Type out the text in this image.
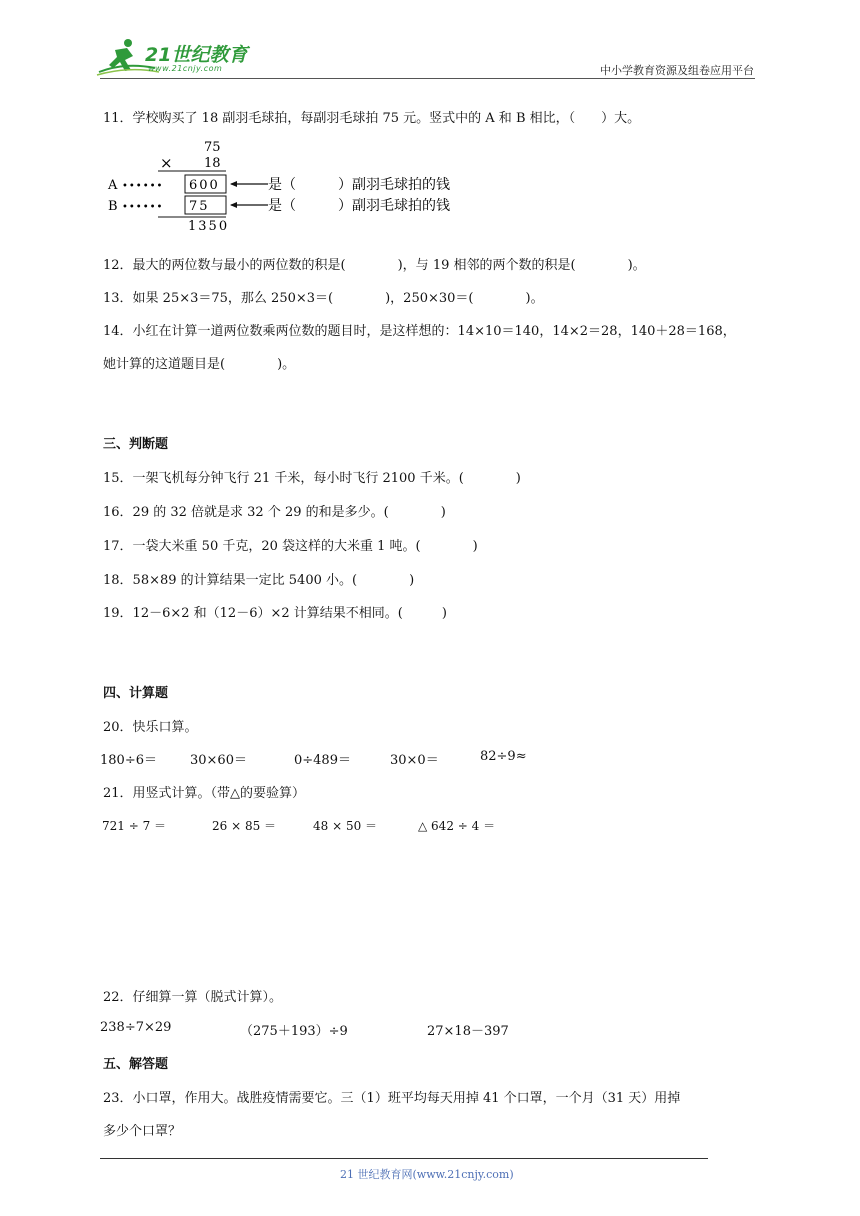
21世纪教育
www.21cnjy.com	中小学教育资源及组卷应用平台
11．学校购买了 18 副羽毛球拍，每副羽毛球拍 75 元。竖式中的 A 和 B 相比，（　　）大。
75
× 18
A •••••• 600	是（　　　）副羽毛球拍的钱
B •••••• 75	是（　　　）副羽毛球拍的钱
1350
12．最大的两位数与最小的两位数的积是(　　　　)，与 19 相邻的两个数的积是(　　　　)。
13．如果 25×3＝75，那么 250×3＝(　　　　)，250×30＝(　　　　)。
14．小红在计算一道两位数乘两位数的题目时，是这样想的：14×10＝140，14×2＝28，140＋28＝168，
她计算的这道题目是(　　　　)。
三、判断题
15．一架飞机每分钟飞行 21 千米，每小时飞行 2100 千米。(　　　　)
16．29 的 32 倍就是求 32 个 29 的和是多少。(　　　　)
17．一袋大米重 50 千克，20 袋这样的大米重 1 吨。(　　　　)
18．58×89 的计算结果一定比 5400 小。(　　　　)
19．12－6×2 和（12－6）×2 计算结果不相同。(　　　)
四、计算题
20．快乐口算。
180÷6＝	30×60＝	0÷489＝	30×0＝	82÷9≈
21．用竖式计算。（带△的要验算）
721 ÷ 7 ＝	26 × 85 ＝	48 × 50 ＝	△ 642 ÷ 4 ＝
22．仔细算一算（脱式计算）。
238÷7×29	（275＋193）÷9	27×18－397
五、解答题
23．小口罩，作用大。战胜疫情需要它。三（1）班平均每天用掉 41 个口罩，一个月（31 天）用掉
多少个口罩？
21 世纪教育网(www.21cnjy.com)
